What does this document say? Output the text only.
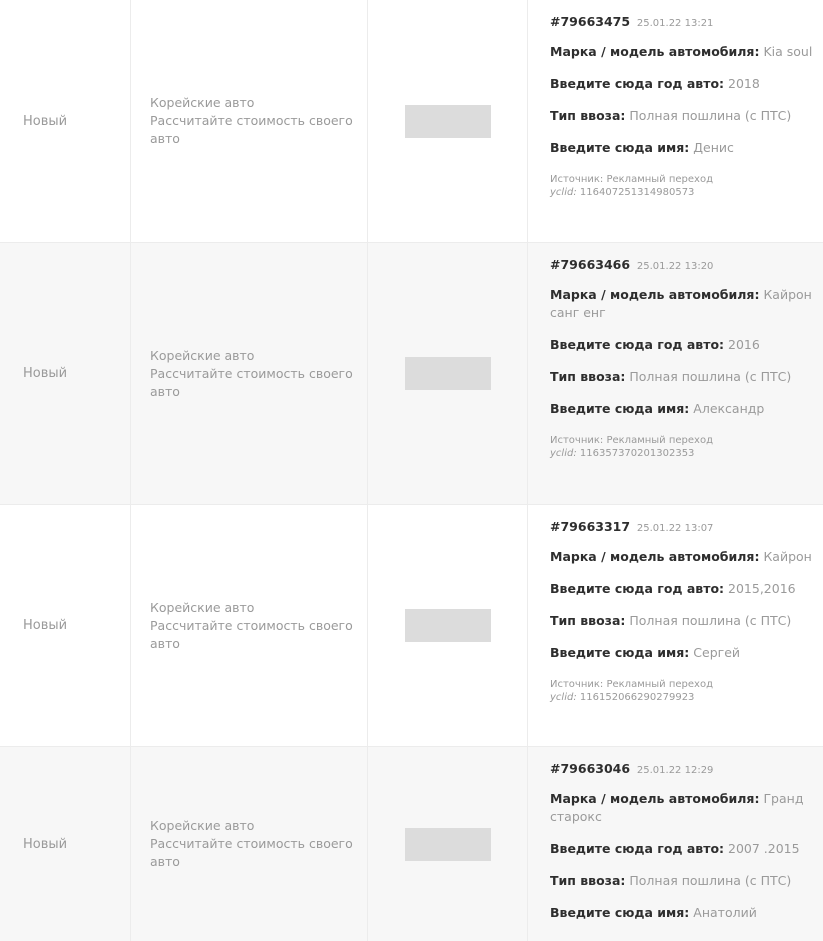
Новый
Корейские авто
Рассчитайте стоимость своего авто
#79663475 25.01.22 13:21
Марка / модель автомобиля: Kia soul
Введите сюда год авто: 2018
Тип ввоза: Полная пошлина (с ПТС)
Введите сюда имя: Денис
Источник: Рекламный переход
yclid: 116407251314980573
Новый
Корейские авто
Рассчитайте стоимость своего авто
#79663466 25.01.22 13:20
Марка / модель автомобиля: Кайрон санг енг
Введите сюда год авто: 2016
Тип ввоза: Полная пошлина (с ПТС)
Введите сюда имя: Александр
Источник: Рекламный переход
yclid: 116357370201302353
Новый
Корейские авто
Рассчитайте стоимость своего авто
#79663317 25.01.22 13:07
Марка / модель автомобиля: Кайрон
Введите сюда год авто: 2015,2016
Тип ввоза: Полная пошлина (с ПТС)
Введите сюда имя: Сергей
Источник: Рекламный переход
yclid: 116152066290279923
Новый
Корейские авто
Рассчитайте стоимость своего авто
#79663046 25.01.22 12:29
Марка / модель автомобиля: Гранд старокс
Введите сюда год авто: 2007 .2015
Тип ввоза: Полная пошлина (с ПТС)
Введите сюда имя: Анатолий
